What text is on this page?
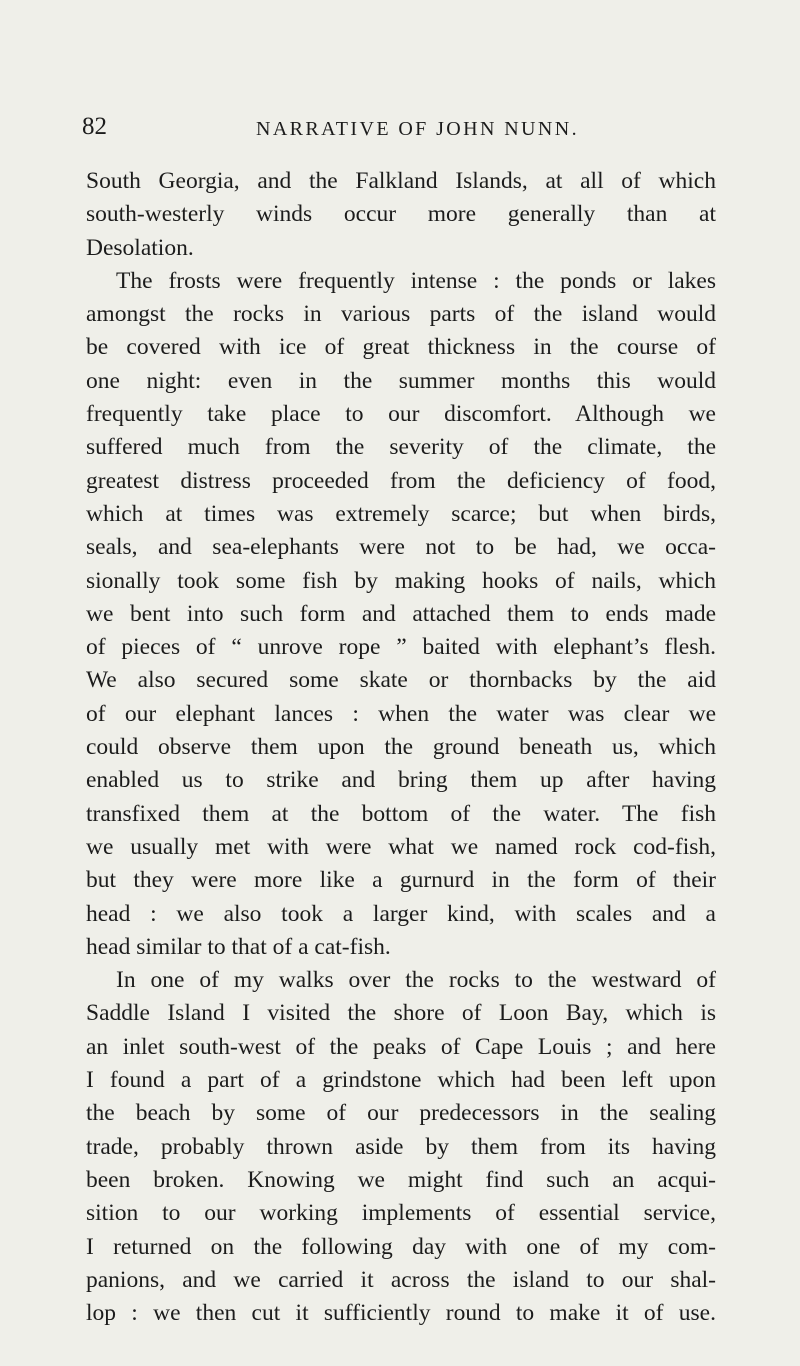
82	NARRATIVE OF JOHN NUNN.
South Georgia, and the Falkland Islands, at all of which
south-westerly winds occur more generally than at
Desolation.
The frosts were frequently intense : the ponds or lakes
amongst the rocks in various parts of the island would
be covered with ice of great thickness in the course of
one night: even in the summer months this would
frequently take place to our discomfort. Although we
suffered much from the severity of the climate, the
greatest distress proceeded from the deficiency of food,
which at times was extremely scarce; but when birds,
seals, and sea-elephants were not to be had, we occa-
sionally took some fish by making hooks of nails, which
we bent into such form and attached them to ends made
of pieces of “ unrove rope ” baited with elephant’s flesh.
We also secured some skate or thornbacks by the aid
of our elephant lances : when the water was clear we
could observe them upon the ground beneath us, which
enabled us to strike and bring them up after having
transfixed them at the bottom of the water. The fish
we usually met with were what we named rock cod-fish,
but they were more like a gurnurd in the form of their
head : we also took a larger kind, with scales and a
head similar to that of a cat-fish.
In one of my walks over the rocks to the westward of
Saddle Island I visited the shore of Loon Bay, which is
an inlet south-west of the peaks of Cape Louis ; and here
I found a part of a grindstone which had been left upon
the beach by some of our predecessors in the sealing
trade, probably thrown aside by them from its having
been broken. Knowing we might find such an acqui-
sition to our working implements of essential service,
I returned on the following day with one of my com-
panions, and we carried it across the island to our shal-
lop : we then cut it sufficiently round to make it of use.
